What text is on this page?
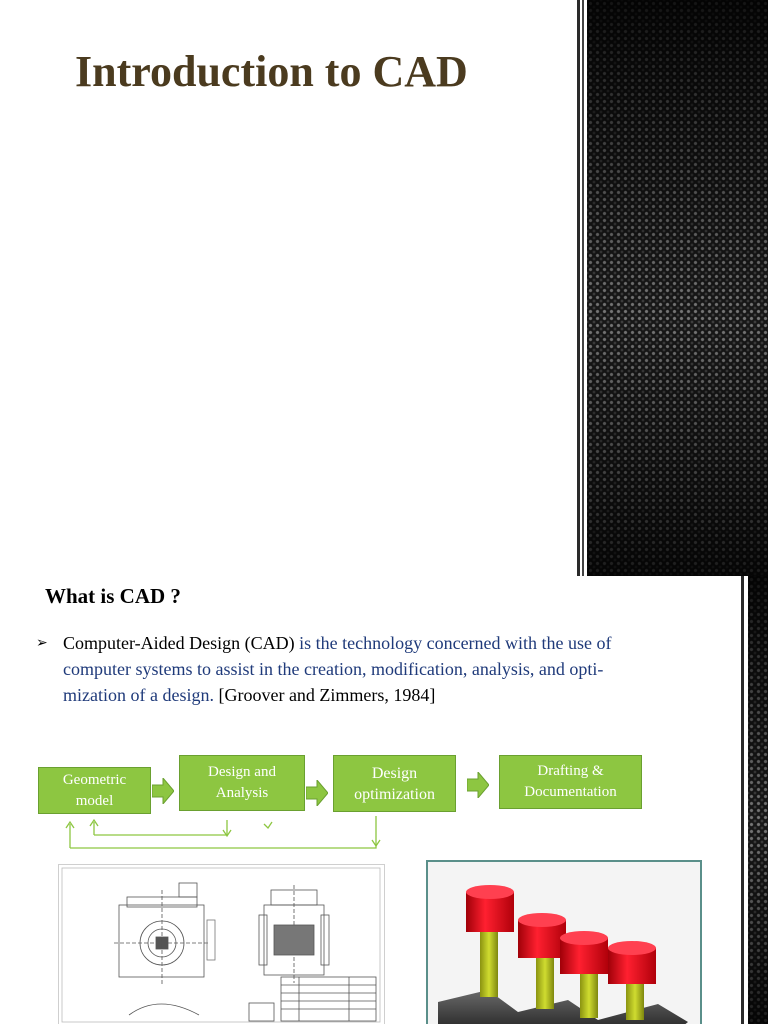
Introduction to CAD
What is CAD ?
➢ Computer-Aided Design (CAD) is the technology concerned with the use of
computer systems to assist in the creation, modification, analysis, and opti-
mization of a design. [Groover and Zimmers, 1984]
Geometric
model
Design and
Analysis
Design
optimization
Drafting &
Documentation
